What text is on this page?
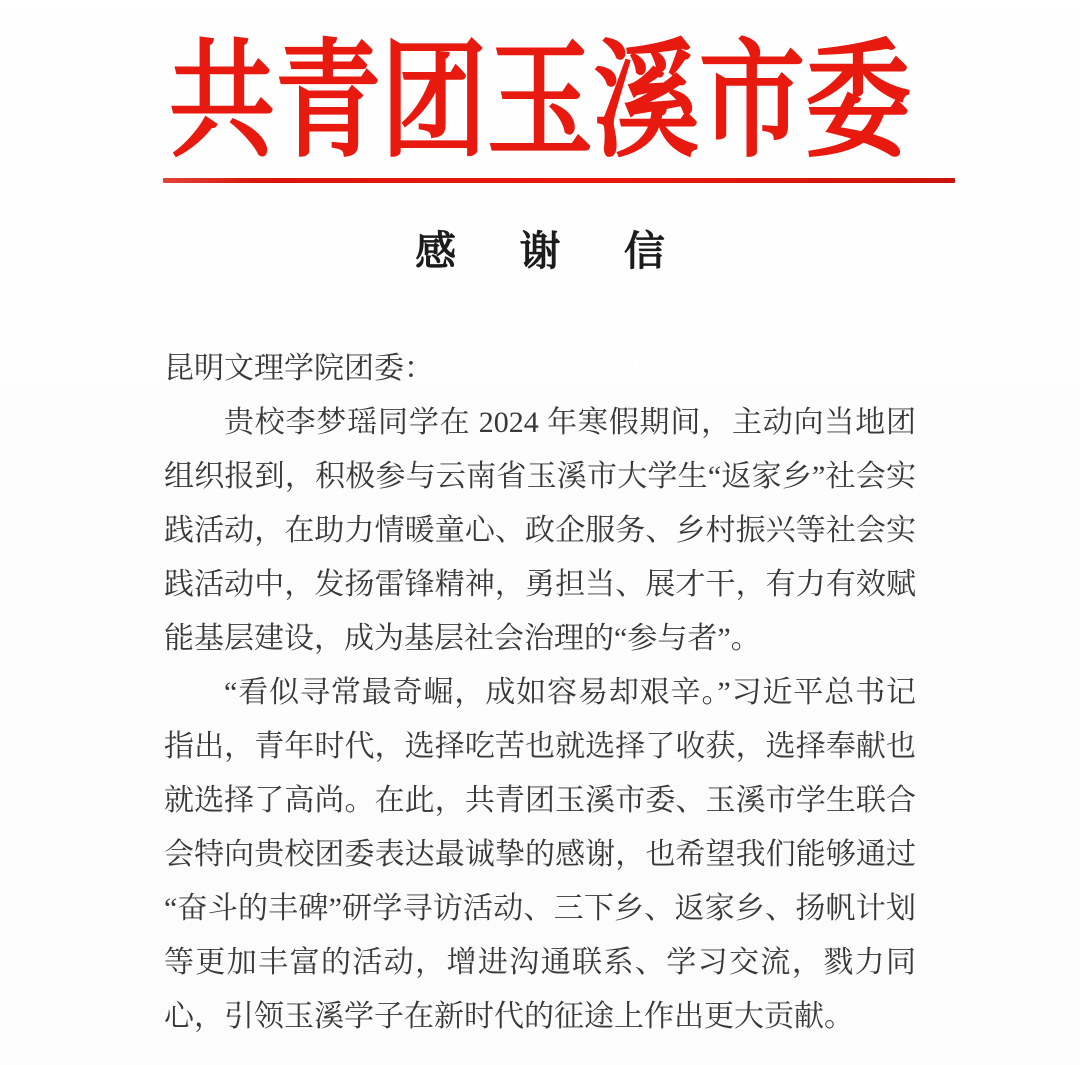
共青团玉溪市委
感 谢 信

昆明文理学院团委：

贵校李梦瑶同学在 2024 年寒假期间，主动向当地团组织报到，积极参与云南省玉溪市大学生“返家乡”社会实践活动，在助力情暖童心、政企服务、乡村振兴等社会实践活动中，发扬雷锋精神，勇担当、展才干，有力有效赋能基层建设，成为基层社会治理的“参与者”。

“看似寻常最奇崛，成如容易却艰辛。”习近平总书记指出，青年时代，选择吃苦也就选择了收获，选择奉献也就选择了高尚。在此，共青团玉溪市委、玉溪市学生联合会特向贵校团委表达最诚挚的感谢，也希望我们能够通过“奋斗的丰碑”研学寻访活动、三下乡、返家乡、扬帆计划等更加丰富的活动，增进沟通联系、学习交流，戮力同心，引领玉溪学子在新时代的征途上作出更大贡献。
